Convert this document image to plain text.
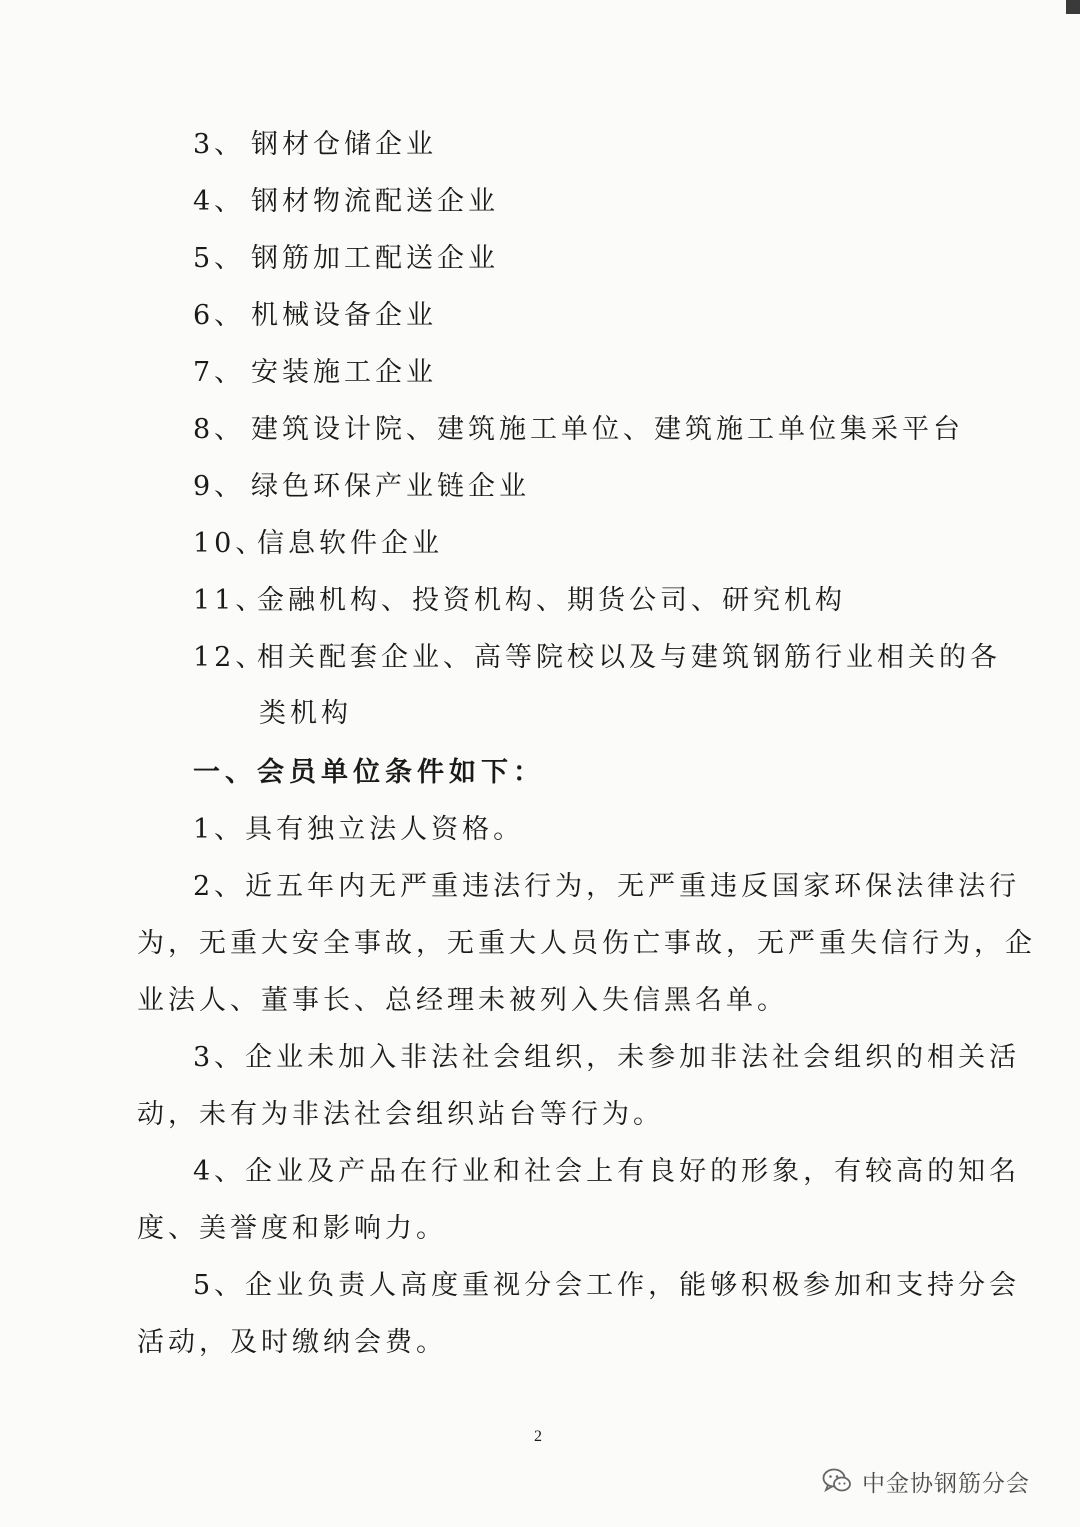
3、 钢材仓储企业
4、 钢材物流配送企业
5、 钢筋加工配送企业
6、 机械设备企业
7、 安装施工企业
8、 建筑设计院、建筑施工单位、建筑施工单位集采平台
9、 绿色环保产业链企业
10、信息软件企业
11、金融机构、投资机构、期货公司、研究机构
12、相关配套企业、高等院校以及与建筑钢筋行业相关的各
类机构
一、会员单位条件如下：
1、具有独立法人资格。
2、近五年内无严重违法行为，无严重违反国家环保法律法行
为，无重大安全事故，无重大人员伤亡事故，无严重失信行为，企
业法人、董事长、总经理未被列入失信黑名单。
3、企业未加入非法社会组织，未参加非法社会组织的相关活
动，未有为非法社会组织站台等行为。
4、企业及产品在行业和社会上有良好的形象，有较高的知名
度、美誉度和影响力。
5、企业负责人高度重视分会工作，能够积极参加和支持分会
活动，及时缴纳会费。
2
中金协钢筋分会
